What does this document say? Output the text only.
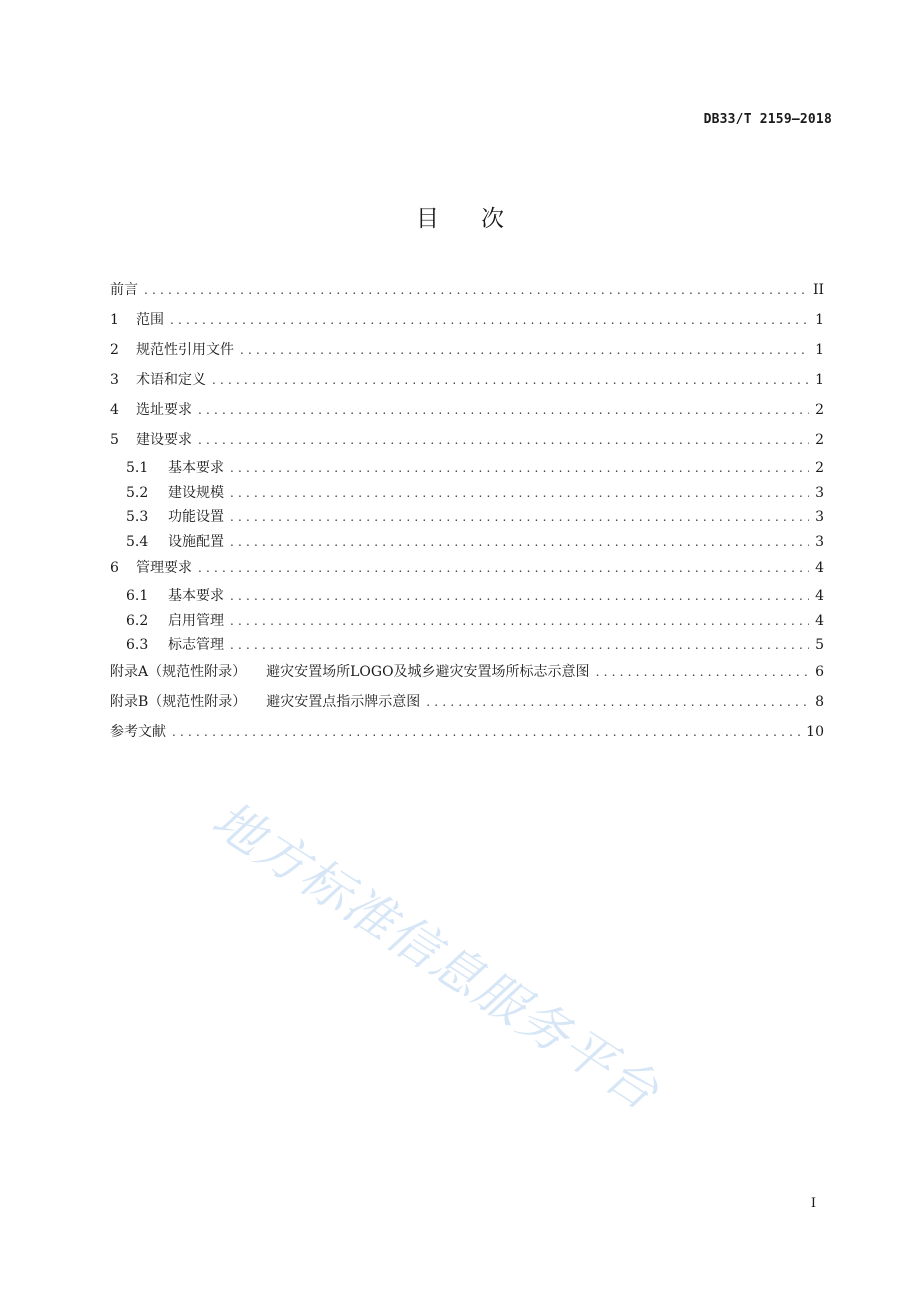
DB33/T 2159—2018
目次
前言 .....	II
1	范围 .....	1
2	规范性引用文件 .....	1
3	术语和定义 .....	1
4	选址要求 .....	2
5	建设要求 .....	2
5.1	基本要求 .....	2
5.2	建设规模 .....	3
5.3	功能设置 .....	3
5.4	设施配置 .....	3
6	管理要求 .....	4
6.1	基本要求 .....	4
6.2	启用管理 .....	4
6.3	标志管理 .....	5
附录A（规范性附录） 避灾安置场所LOGO及城乡避灾安置场所标志示意图 .....	6
附录B（规范性附录） 避灾安置点指示牌示意图 .....	8
参考文献 .....	10
地方标准信息服务平台
I
